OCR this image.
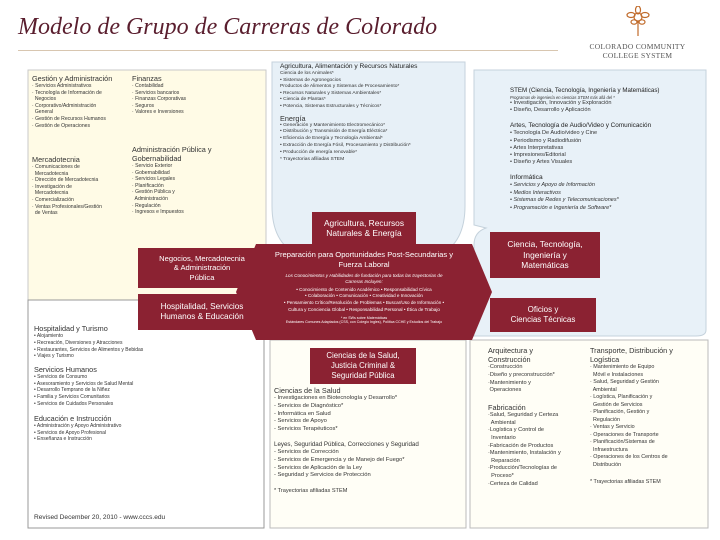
Modelo de Grupo de Carreras de Colorado
COLORADO COMMUNITY
COLLEGE SYSTEM
Gestión y Administración
· Servicios Administrativos
· Tecnología de Información de
Negocios
· Corporativo/Administración
General
· Gestión de Recursos Humanos
· Gestión de Operaciones
Finanzas
· Contabilidad
· Servicios bancarios
· Finanzas Corporativas
· Seguros
· Valores e Inversiones
Mercadotecnia
· Comunicaciones de
Mercadotecnia
· Dirección de Mercadotecnia
· Investigación de
Mercadotecnia
· Comercialización
· Ventas Profesionales/Gestión
de Ventas
Administración Pública y
Gobernabilidad
· Servicio Exterior
· Gobernabilidad
· Servicios Legales
· Planificación
· Gestión Pública y
Administración
· Regulación
· Ingresos e Impuestos
Agricultura, Alimentación y Recursos Naturales
Ciencia de los Animales*
• Sistemas de Agronegocios
Productos de Alimentos y Sistemas de Procesamiento*
• Recursos Naturales y Sistemas Ambientales*
• Ciencia de Plantas*
• Potencia, Sistemas Estructurales y Técnicos*
Energía
• Generación y Mantenimiento Electromecánico*
• Distribución y Transmisión de Energía Eléctrica*
• Eficiencia de Energía y Tecnología Ambiental*
• Extracción de Energía Fósil, Procesamiento y Distribución*
• Producción de energía renovable*
* Trayectorias afiliadas STEM
STEM (Ciencia, Tecnología, Ingeniería y Matemáticas)
Programas de ingeniería en ciencias STEM más allá del *
• Investigación, Innovación y Exploración
• Diseño, Desarrollo y Aplicación
Artes, Tecnología de Audio/Video y Comunicación
• Tecnología De Audio/video y Cine
• Periodismo y Radiodifusión
• Artes Interpretativas
• Impresiones/Editorial
• Diseño y Artes Visuales
Informática
• Servicios y Apoyo de Información
• Medios Interactivos
• Sistemas de Redes y Telecomunicaciones*
• Programación e Ingeniería de Software*
Negocios, Mercadotecnia
& Administración
Pública
Hospitalidad, Servicios
Humanos & Educación
Agricultura, Recursos
Naturales & Energía
Ciencia, Tecnología,
Ingeniería y
Matemáticas
Oficios y
Ciencias Técnicas
Ciencias de la Salud,
Justicia Criminal &
Seguridad Pública
Preparación para Oportunidades Post-Secundarias y
Fuerza Laboral
Los Conocimientos y Habilidades de fundación para todas las trayectorias de
Carreras Incluyen:
• Conocimiento de Contenido Académico • Responsabilidad Cívica
• Colaboración • Comunicación • Creatividad e Innovación
• Pensamiento Crítico/Resolución de Problemas • Buscar/Uso de Información •
Cultura y Conciencia Global • Responsabilidad Personal • Ética de Trabajo
* en SWs sobre Matemáticas
Estándares Comunes Adaptados (CSS, con Colegio Ingles), Política CCHE y Estudios del Trabajo
Hospitalidad y Turismo
• Alojamiento
• Recreación, Diversiones y Atracciones
• Restaurantes, Servicios de Alimentos y Bebidas
• Viajes y Turismo
Servicios Humanos
• Servicios de Consumo
• Asesoramiento y Servicios de Salud Mental
• Desarrollo Temprano de la Niñez
• Familia y Servicios Comunitarios
• Servicios de Cuidados Personales
Educación e Instrucción
• Administración y Apoyo Administrativo
• Servicios de Apoyo Profesional
• Enseñanza e Instrucción
Revised December 20, 2010 - www.cccs.edu
Ciencias de la Salud
- Investigaciones en Biotecnología y Desarrollo*
- Servicios de Diagnóstico*
- Informática en Salud
- Servicios de Apoyo
- Servicios Terapéuticos*
Leyes, Seguridad Pública, Correcciones y Seguridad
- Servicios de Corrección
- Servicios de Emergencia y de Manejo del Fuego*
- Servicios de Aplicación de la Ley
- Seguridad y Servicios de Protección
* Trayectorias afiliadas STEM
Arquitectura y
Construcción
·Construcción
·Diseño y preconstrucción*
·Mantenimiento y
Operaciones
Fabricación
·Salud, Seguridad y Certeza
Ambiental
·Logística y Control de
Inventario
·Fabricación de Productos
·Mantenimiento, Instalación y
Reparación
·Producción/Tecnologías de
Proceso*
·Certeza de Calidad
Transporte, Distribución y
Logística
· Mantenimiento de Equipo
Móvil e Instalaciones
· Salud, Seguridad y Gestión
Ambiental
· Logística, Planificación y
Gestión de Servicios
· Planificación, Gestión y
Regulación
· Ventas y Servicio
· Operaciones de Transporte
· Planificación/Sistemas de
Infraestructura
· Operaciones de los Centros de
Distribución
* Trayectorias afiliadas STEM
